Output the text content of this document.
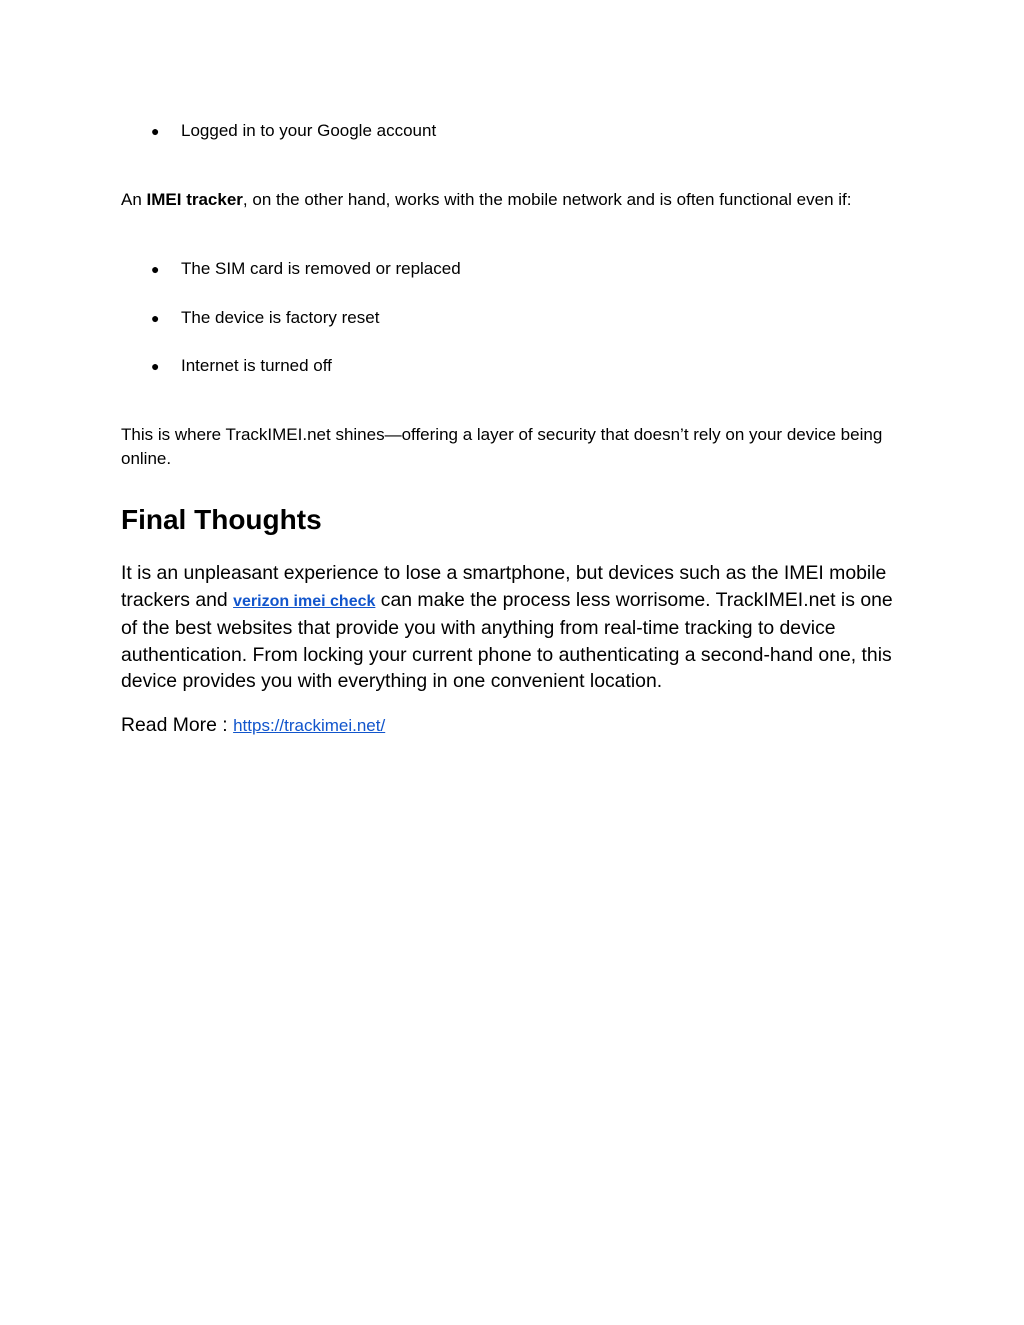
● Logged in to your Google account

An IMEI tracker, on the other hand, works with the mobile network and is often functional even if:

● The SIM card is removed or replaced
● The device is factory reset
● Internet is turned off

This is where TrackIMEI.net shines—offering a layer of security that doesn’t rely on your device being online.

Final Thoughts

It is an unpleasant experience to lose a smartphone, but devices such as the IMEI mobile trackers and verizon imei check can make the process less worrisome. TrackIMEI.net is one of the best websites that provide you with anything from real-time tracking to device authentication. From locking your current phone to authenticating a second-hand one, this device provides you with everything in one convenient location.

Read More : https://trackimei.net/
